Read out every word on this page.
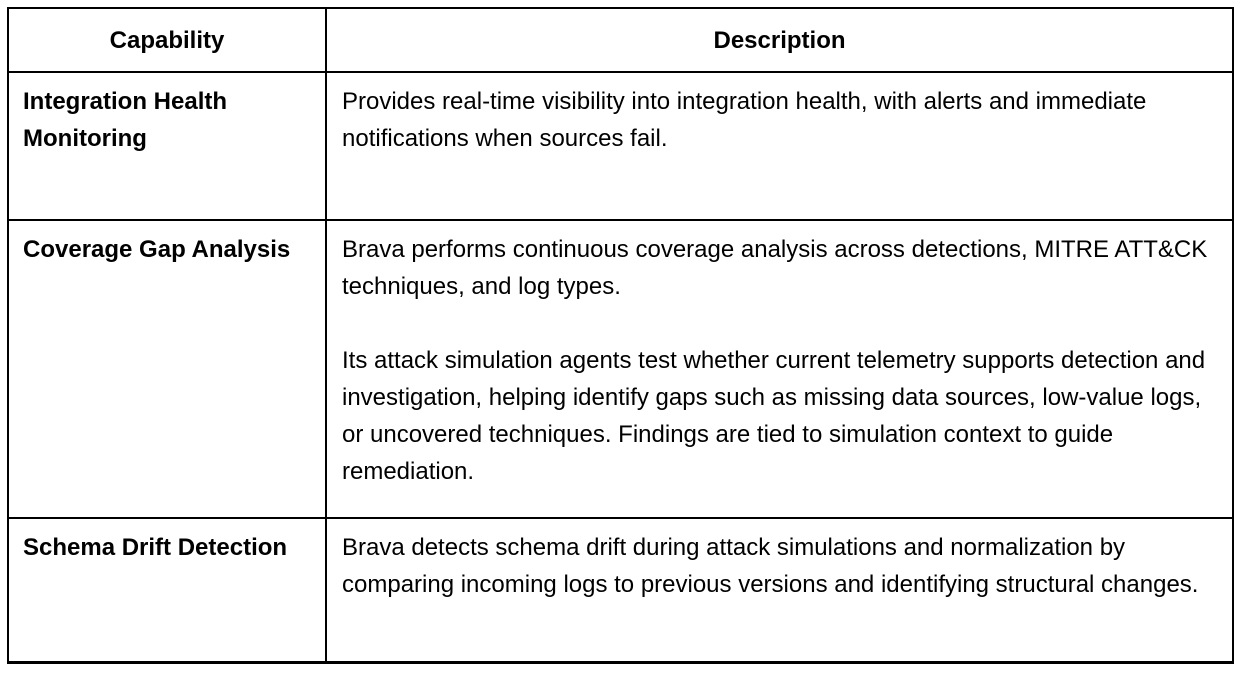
Capability	Description
Integration Health Monitoring	Provides real-time visibility into integration health, with alerts and immediate notifications when sources fail.

Coverage Gap Analysis	Brava performs continuous coverage analysis across detections, MITRE ATT&CK techniques, and log types.

Its attack simulation agents test whether current telemetry supports detection and investigation, helping identify gaps such as missing data sources, low-value logs, or uncovered techniques. Findings are tied to simulation context to guide remediation.

Schema Drift Detection	Brava detects schema drift during attack simulations and normalization by comparing incoming logs to previous versions and identifying structural changes.
